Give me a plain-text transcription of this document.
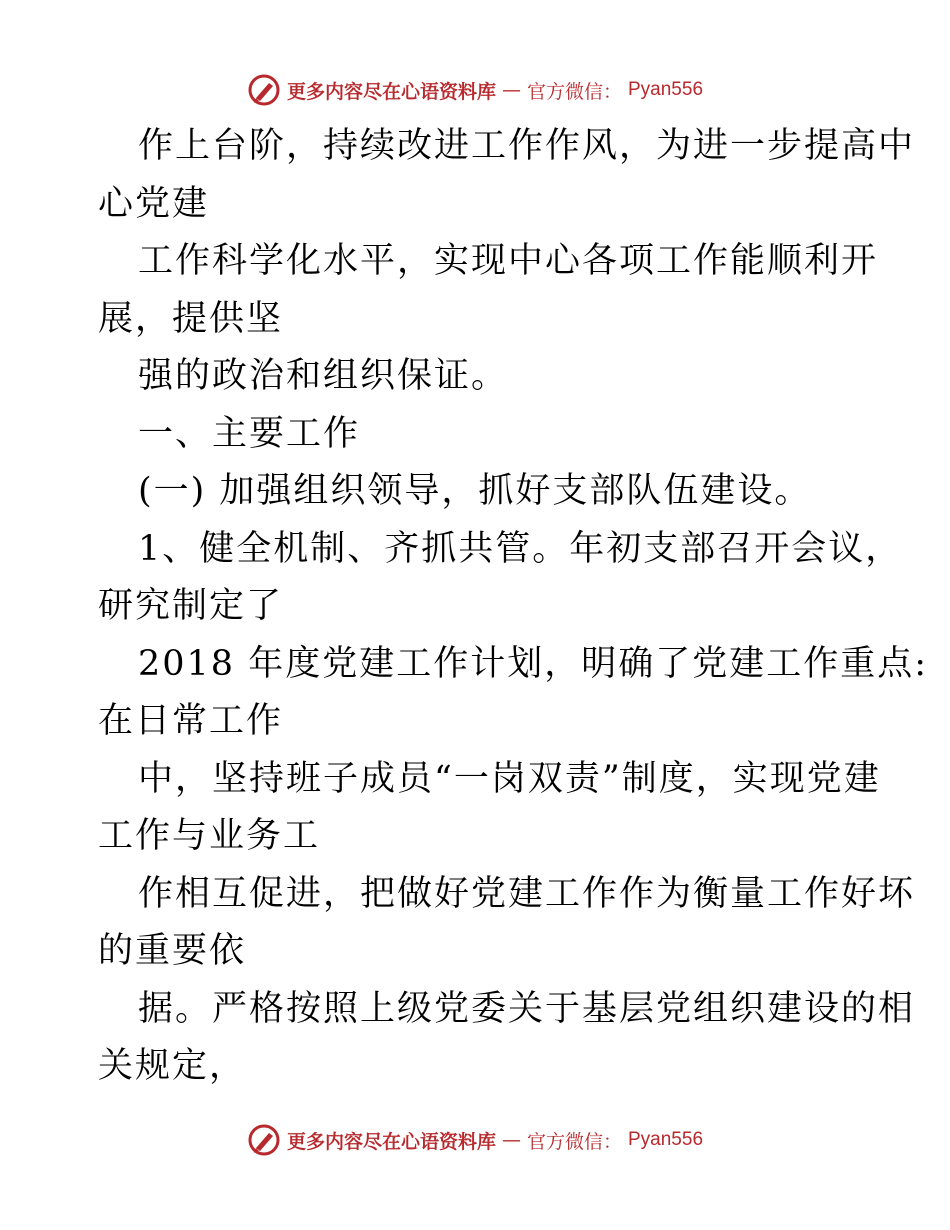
更多内容尽在心语资料库 — 官方微信： Pyan556
作上台阶，持续改进工作作风，为进一步提高中
心党建
工作科学化水平，实现中心各项工作能顺利开
展，提供坚
强的政治和组织保证。
一、主要工作
(一) 加强组织领导，抓好支部队伍建设。
1、健全机制、齐抓共管。年初支部召开会议，
研究制定了
2018 年度党建工作计划，明确了党建工作重点:
在日常工作
中，坚持班子成员“一岗双责”制度，实现党建
工作与业务工
作相互促进，把做好党建工作作为衡量工作好坏
的重要依
据。严格按照上级党委关于基层党组织建设的相
关规定，
更多内容尽在心语资料库 — 官方微信： Pyan556
